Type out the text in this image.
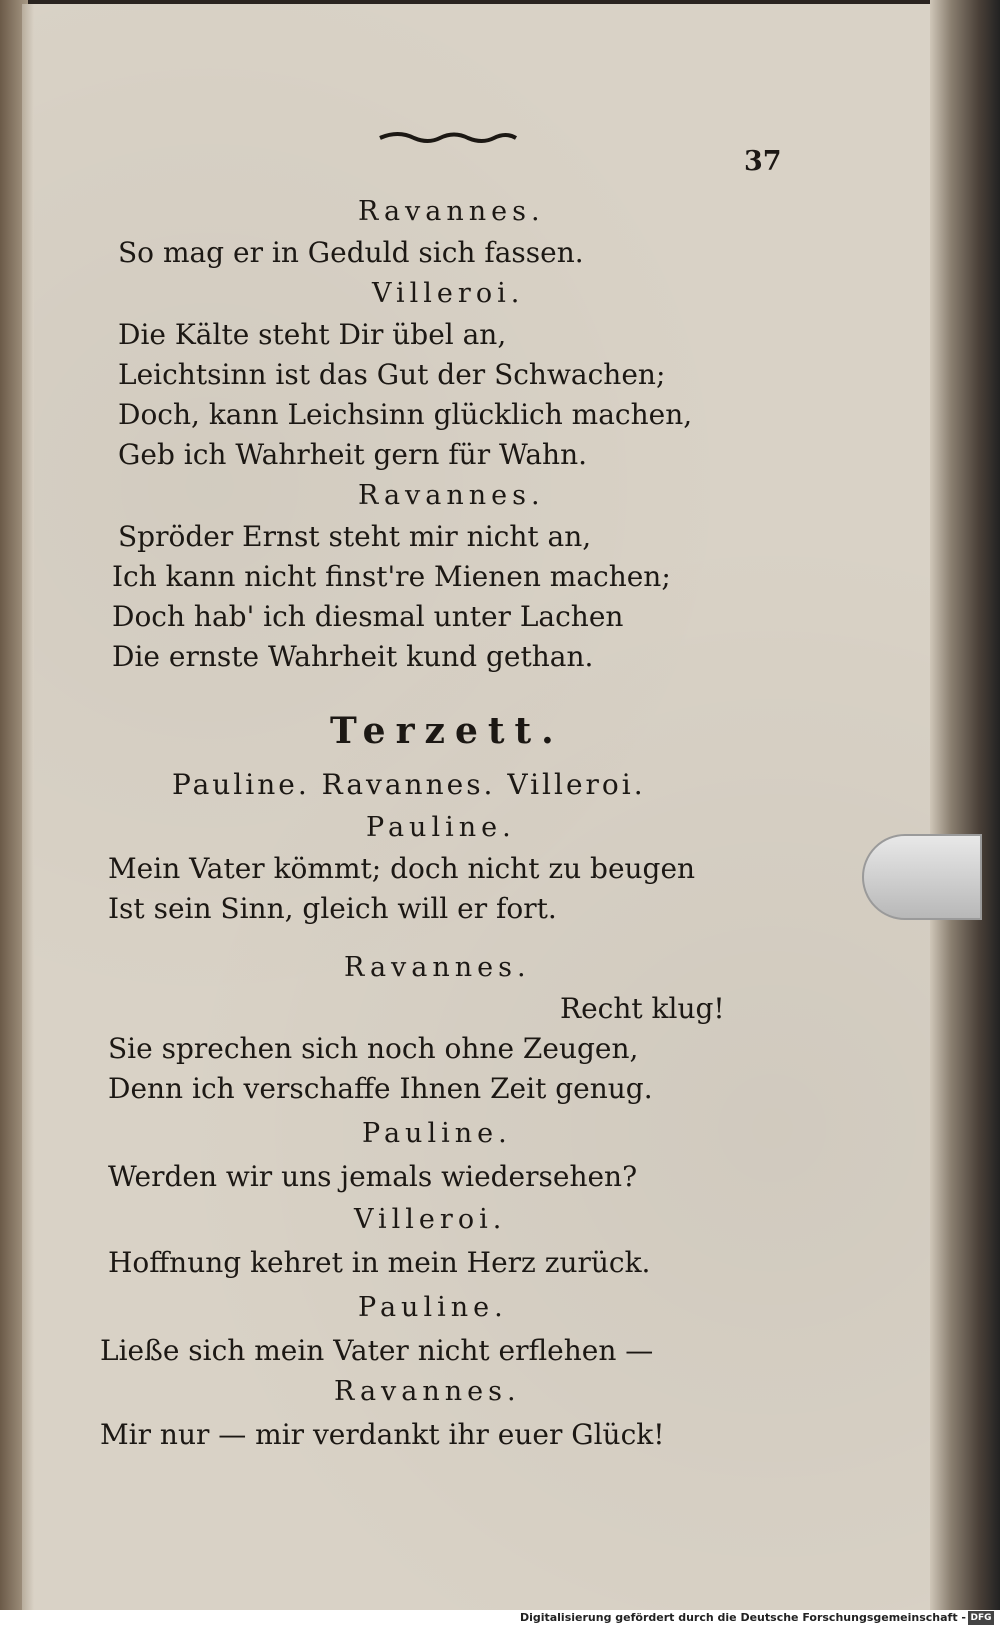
37
Ravannes.
So mag er in Geduld sich fassen.
Villeroi.
Die Kälte steht Dir übel an,
Leichtsinn ist das Gut der Schwachen;
Doch, kann Leichsinn glücklich machen,
Geb ich Wahrheit gern für Wahn.
Ravannes.
Spröder Ernst steht mir nicht an,
Ich kann nicht finst're Mienen machen;
Doch hab' ich diesmal unter Lachen
Die ernste Wahrheit kund gethan.
Terzett.
Pauline. Ravannes. Villeroi.
Pauline.
Mein Vater kömmt; doch nicht zu beugen
Ist sein Sinn, gleich will er fort.
Ravannes.
Recht klug!
Sie sprechen sich noch ohne Zeugen,
Denn ich verschaffe Ihnen Zeit genug.
Pauline.
Werden wir uns jemals wiedersehen?
Villeroi.
Hoffnung kehret in mein Herz zurück.
Pauline.
Ließe sich mein Vater nicht erflehen —
Ravannes.
Mir nur — mir verdankt ihr euer Glück!
Digitalisierung gefördert durch die Deutsche Forschungsgemeinschaft - DFG
